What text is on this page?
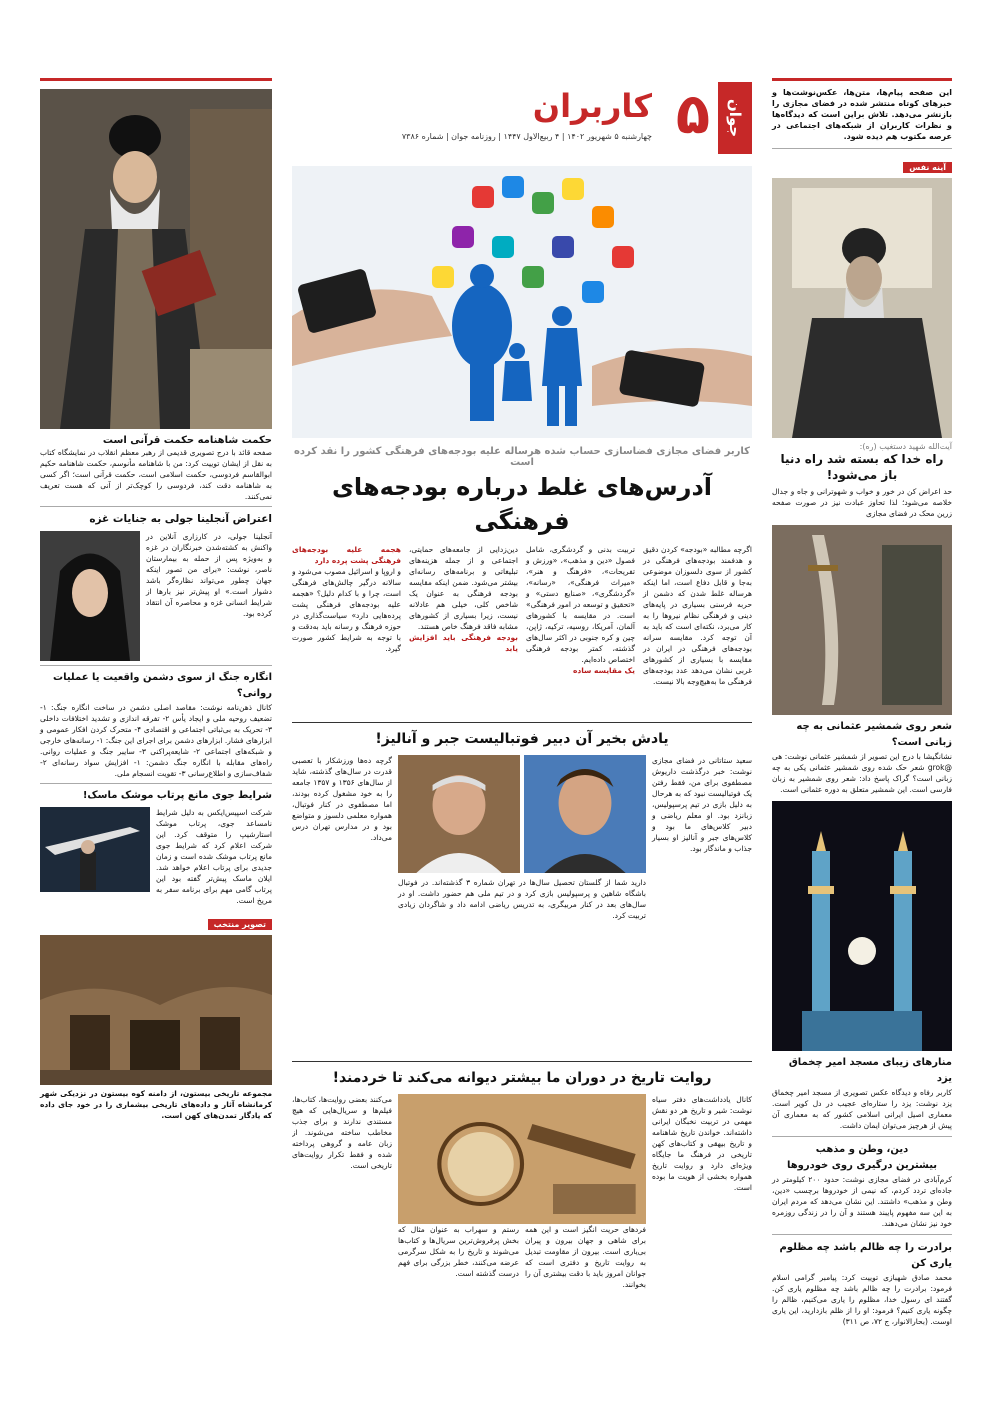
حکمت شاهنامه حکمت قرآنی است

صفحه قائد با درج تصویری قدیمی از رهبر معظم انقلاب در نمایشگاه کتاب به نقل از ایشان توییت کرد: من با شاهنامه مأنوسم، حکمت شاهنامه حکیم ابوالقاسم فردوسی، حکمت اسلامی است، حکمت قرآنی است؛ اگر کسی به شاهنامه دقت کند، فردوسی را کوچک‌تر از آنی که هست تعریف نمی‌کنند.

اعتراض آنجلینا جولی به جنایات غزه

آنجلینا جولی، در کارزاری آنلاین در واکنش به کشته‌شدن خبرنگاران در غزه و به‌ویژه پس از حمله به بیمارستان ناصر، نوشت: «برای من تصور اینکه جهان چطور می‌تواند نظاره‌گر باشد دشوار است.» او پیش‌تر نیز بارها از شرایط انسانی غزه و محاصره آن انتقاد کرده بود.

انگاره جنگ از سوی دشمن واقعیت یا عملیات روانی؟

کانال ذهن‌نامه نوشت: مقاصد اصلی دشمن در ساخت انگاره جنگ: ۱- تضعیف روحیه ملی و ایجاد یأس ۲- تفرقه اندازی و تشدید اختلافات داخلی ۳- تحریک به بی‌ثباتی اجتماعی و اقتصادی ۴- متحرک کردن افکار عمومی و ابزارهای فشار. ابزارهای دشمن برای اجرای این جنگ: ۱- رسانه‌های خارجی و شبکه‌های اجتماعی ۲- شایعه‌پراکنی ۳- سایبر جنگ و عملیات روانی. راه‌های مقابله با انگاره جنگ دشمن: ۱- افزایش سواد رسانه‌ای ۲- شفاف‌سازی و اطلاع‌رسانی ۳- تقویت انسجام ملی.

شرایط جوی مانع پرتاب موشک ماسک!

شرکت اسپیس‌ایکس به دلیل شرایط نامساعد جوی، پرتاب موشک استارشیپ را متوقف کرد. این شرکت اعلام کرد که شرایط جوی مانع پرتاب موشک شده است و زمان جدیدی برای پرتاب اعلام خواهد شد. ایلان ماسک پیش‌تر گفته بود این پرتاب گامی مهم برای برنامه سفر به مریخ است.

تصویر منتخب

مجموعه تاریخی بیستون، از دامنه کوه بیستون در نزدیکی شهر کرمانشاه آثار و داده‌های تاریخی بیشماری را در خود جای داده که یادگار تمدن‌های کهن است.

جوان
۵
کاربران
چهارشنبه ۵ شهریور ۱۴۰۲ | ۴ ربیع‌الاول ۱۴۴۷ | روزنامه جوان | شماره ۷۳۸۶
کاربر فضای مجازی فضاسازی حساب شده هرساله علیه بودجه‌های فرهنگی کشور را نقد کرده است
آدرس‌های غلط درباره بودجه‌های فرهنگی

اگرچه مطالبه «بودجه» کردن دقیق و هدفمند بودجه‌های فرهنگی در کشور از سوی دلسوزان موضوعی به‌جا و قابل دفاع است، اما اینکه هرساله غلط شدن که دشمن از حربه فرسنی بسیاری در پایه‌های دینی و فرهنگی نظام نیروها را به کار می‌برد، نکته‌ای است که باید به آن توجه کرد. مقایسه سرانه بودجه‌های فرهنگی در ایران در مقایسه با بسیاری از کشورهای غربی نشان می‌دهد عدد بودجه‌های فرهنگی ما به‌هیچ‌وجه بالا نیست.

تربیت بدنی و گردشگری، شامل فصول «دین و مذهب»، «ورزش و تفریحات»، «فرهنگ و هنر»، «میراث فرهنگی»، «رسانه»، «گردشگری»، «صنایع دستی» و «تحقیق و توسعه در امور فرهنگی» است. در مقایسه با کشورهای آلمان، آمریکا، روسیه، ترکیه، ژاپن، چین و کره جنوبی در اکثر سال‌های گذشته، کمتر بودجه فرهنگی اختصاص داده‌ایم.

یک مقایسه ساده

دین‌زدایی از جامعه‌های حمایتی، اجتماعی و از جمله هزینه‌های تبلیغاتی و برنامه‌های رسانه‌ای بیشتر می‌شود. ضمن اینکه مقایسه بودجه فرهنگی به عنوان یک شاخص کلی، خیلی هم عادلانه نیست، زیرا بسیاری از کشورهای مشابه فاقد فرهنگ خاص هستند.

بودجه فرهنگی باید افزایش یابد
هجمه علیه بودجه‌های فرهنگی پشت پرده دارد

و اروپا و اسرائیل مصوب می‌شود و سالانه درگیر چالش‌های فرهنگی است، چرا و با کدام دلیل؟ «هجمه علیه بودجه‌های فرهنگی پشت پرده‌هایی دارد» سیاست‌گذاری در حوزه فرهنگ و رسانه باید به‌دقت و با توجه به شرایط کشور صورت گیرد.

یادش بخیر آن دبیر فوتبالیست جبر و آنالیز!

سعید ستاتانی در فضای مجازی نوشت: خبر درگذشت داریوش مصطفوی برای من، فقط رفتن یک فوتبالیست نبود که به هرحال به دلیل بازی در تیم پرسپولیس، زبانزد بود. او معلم ریاضی و دبیر کلاس‌های ما بود و کلاس‌های جبر و آنالیز او بسیار جذاب و ماندگار بود.

دارید شما از گلستان تحصیل سال‌ها در تهران شماره ۳ گذشته‌اند. در فوتبال باشگاه شاهین و پرسپولیس بازی کرد و در تیم ملی هم حضور داشت. او در سال‌های بعد در کنار مربیگری، به تدریس ریاضی ادامه داد و شاگردان زیادی تربیت کرد.

گرچه ده‌ها ورزشکار با تعصبی قدرت در سال‌های گذشته، شاید از سال‌های ۱۳۵۶ و ۱۳۵۷ جامعه را به خود مشغول کرده بودند، اما مصطفوی در کنار فوتبال، همواره معلمی دلسوز و متواضع بود و در مدارس تهران درس می‌داد.

روایت تاریخ در دوران ما بیشتر دیوانه می‌کند تا خردمند!

کانال یادداشت‌های دفتر سیاه نوشت: شیر و تاریخ هر دو نقش مهمی در تربیت نخبگان ایرانی داشته‌اند. خواندن تاریخ شاهنامه و تاریخ بیهقی و کتاب‌های کهن تاریخی در فرهنگ ما جایگاه ویژه‌ای دارد و روایت تاریخ همواره بخشی از هویت ما بوده است.

فردهای حریت انگیز است و این همه برای شاهی و جهان بیرون و پیران بی‌یاری است. بیرون از مقاومت تبدیل به روایت تاریخ و دفتری است که جوانان امروز باید با دقت بیشتری آن را بخوانند.

رستم و سهراب به عنوان مثال که بخش پرفروش‌ترین سریال‌ها و کتاب‌ها می‌شوند و تاریخ را به شکل سرگرمی عرضه می‌کنند، خطر بزرگی برای فهم درست گذشته است.

می‌کنند بعضی روایت‌ها، کتاب‌ها، فیلم‌ها و سریال‌هایی که هیچ مستندی ندارند و برای جذب مخاطب ساخته می‌شوند. از زبان عامه و گروهی پرداخته شده و فقط تکرار روایت‌های تاریخی است.

این صفحه پیام‌ها، متن‌ها، عکس‌نوشت‌ها و خبرهای کوتاه منتشر شده در فضای مجازی را بازنشر می‌دهد. تلاش براین است که دیدگاه‌ها و نظرات کاربران از شبکه‌های اجتماعی در عرصه مکتوب هم دیده شود.

آینه نفس
آیت‌الله شهید دستغیب (ره):
راه خدا که بسته شد راه دنیا باز می‌شود!

حد اعراض کن در خور و خواب و شهوترانی و جاه و جدال خلاصه می‌شود؛ لذا تحاوز عبادت نیز در صورت صفحه زرین محک در فضای مجازی

شعر روی شمشیر عثمانی به چه زبانی است؟

نشانگیشا با درج این تصویر از شمشیر عثمانی نوشت: هی @grok شعر حک شده روی شمشیر عثمانی یکی به چه زبانی است؟ گراک پاسخ داد: شعر روی شمشیر به زبان فارسی است. این شمشیر متعلق به دوره عثمانی است.

منارهای زیبای مسجد امیر چخماق یزد

کاربر رفاه و دیدگاه عکس تصویری از مسجد امیر چخماق یزد نوشت: یزد را ستاره‌ای عجیب در دل کویر است. معماری اصیل ایرانی اسلامی کشور که به معماری آن پیش از هرچیز می‌توان ایمان داشت.

دین، وطن و مذهب
بیشترین درگیری روی خودروها

کرم‌آبادی در فضای مجازی نوشت: حدود ۲۰۰ کیلومتر در جاده‌ای تردد کردم، که نیمی از خودروها برچسب «دین، وطن و مذهب» داشتند. این نشان می‌دهد که مردم ایران به این سه مفهوم پایبند هستند و آن را در زندگی روزمره خود نیز نشان می‌دهند.

برادرت را چه ظالم باشد چه مظلوم یاری کن

محمد صادق شهبازی توییت کرد: پیامبر گرامی اسلام فرمود: برادرت را چه ظالم باشد چه مظلوم یاری کن. گفتند ای رسول خدا، مظلوم را یاری می‌کنیم، ظالم را چگونه یاری کنیم؟ فرمود: او را از ظلم بازدارید، این یاری اوست. (بحارالانوار، ج ۷۲، ص ۳۱۱)
